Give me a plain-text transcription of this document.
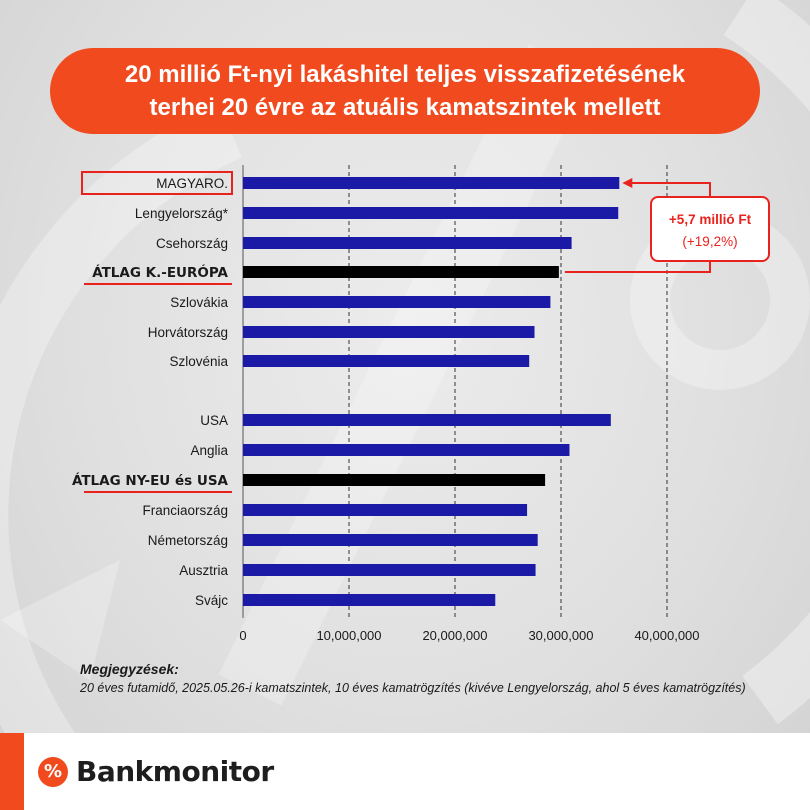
20 millió Ft-nyi lakáshitel teljes visszafizetésének
terhei 20 évre az atuális kamatszintek mellett
MAGYARO.
Lengyelország*
Csehország
ÁTLAG K.-EURÓPA
Szlovákia
Horvátország
Szlovénia
USA
Anglia
ÁTLAG NY-EU és USA
Franciaország
Németország
Ausztria
Svájc
0	10,000,000	20,000,000	30,000,000	40,000,000
+5,7 millió Ft
(+19,2%)
Megjegyzések:
20 éves futamidő, 2025.05.26-i kamatszintek, 10 éves kamatrögzítés (kivéve Lengyelország, ahol 5 éves kamatrögzítés)
% Bankmonitor
